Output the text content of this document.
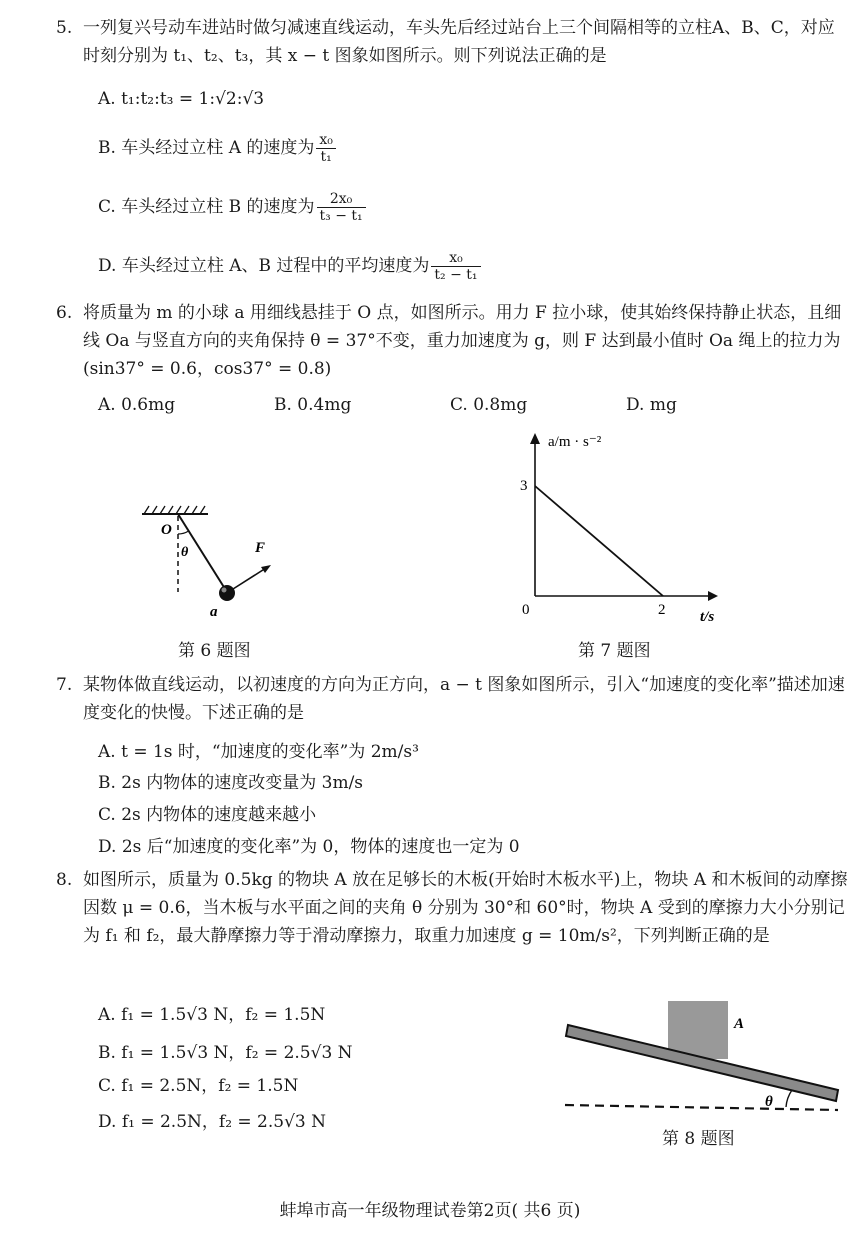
5. 一列复兴号动车进站时做匀减速直线运动，车头先后经过站台上三个间隔相等的立柱A、B、C，对应时刻分别为 t₁、t₂、t₃，其 x − t 图象如图所示。则下列说法正确的是
A. t₁:t₂:t₃ = 1:√2:√3
B. 车头经过立柱 A 的速度为 $\frac{\text{x₀}}{\text{t₁}}$
C. 车头经过立柱 B 的速度为 $\frac{\text{2x₀}}{\text{t₃ − t₁}}$
D. 车头经过立柱 A、B 过程中的平均速度为 $\frac{\text{x₀}}{\text{t₂ − t₁}}$
6. 将质量为 m 的小球 a 用细线悬挂于 O 点，如图所示。用力 F 拉小球，使其始终保持静止状态，且细线 Oa 与竖直方向的夹角保持 θ = 37°不变，重力加速度为 g，则 F 达到最小值时 Oa 绳上的拉力为(sin37° = 0.6，cos37° = 0.8)
A. 0.6mg	B. 0.4mg	C. 0.8mg	D. mg
O
θ	F
a
第 6 题图
a/m · s⁻²
t/s
3
0	2
第 7 题图
7. 某物体做直线运动，以初速度的方向为正方向，a − t 图象如图所示，引入“加速度的变化率”描述加速度变化的快慢。下述正确的是
A. t = 1s 时，“加速度的变化率”为 2m/s³
B. 2s 内物体的速度改变量为 3m/s
C. 2s 内物体的速度越来越小
D. 2s 后“加速度的变化率”为 0，物体的速度也一定为 0
8. 如图所示，质量为 0.5kg 的物块 A 放在足够长的木板(开始时木板水平)上，物块 A 和木板间的动摩擦因数 μ = 0.6，当木板与水平面之间的夹角 θ 分别为 30°和 60°时，物块 A 受到的摩擦力大小分别记为 f₁ 和 f₂，最大静摩擦力等于滑动摩擦力，取重力加速度 g = 10m/s²，下列判断正确的是
A. f₁ = 1.5√3 N，f₂ = 1.5N
B. f₁ = 1.5√3 N，f₂ = 2.5√3 N
C. f₁ = 2.5N，f₂ = 1.5N
D. f₁ = 2.5N，f₂ = 2.5√3 N
A
θ
第 8 题图
蚌埠市高一年级物理试卷第2页( 共6 页)
